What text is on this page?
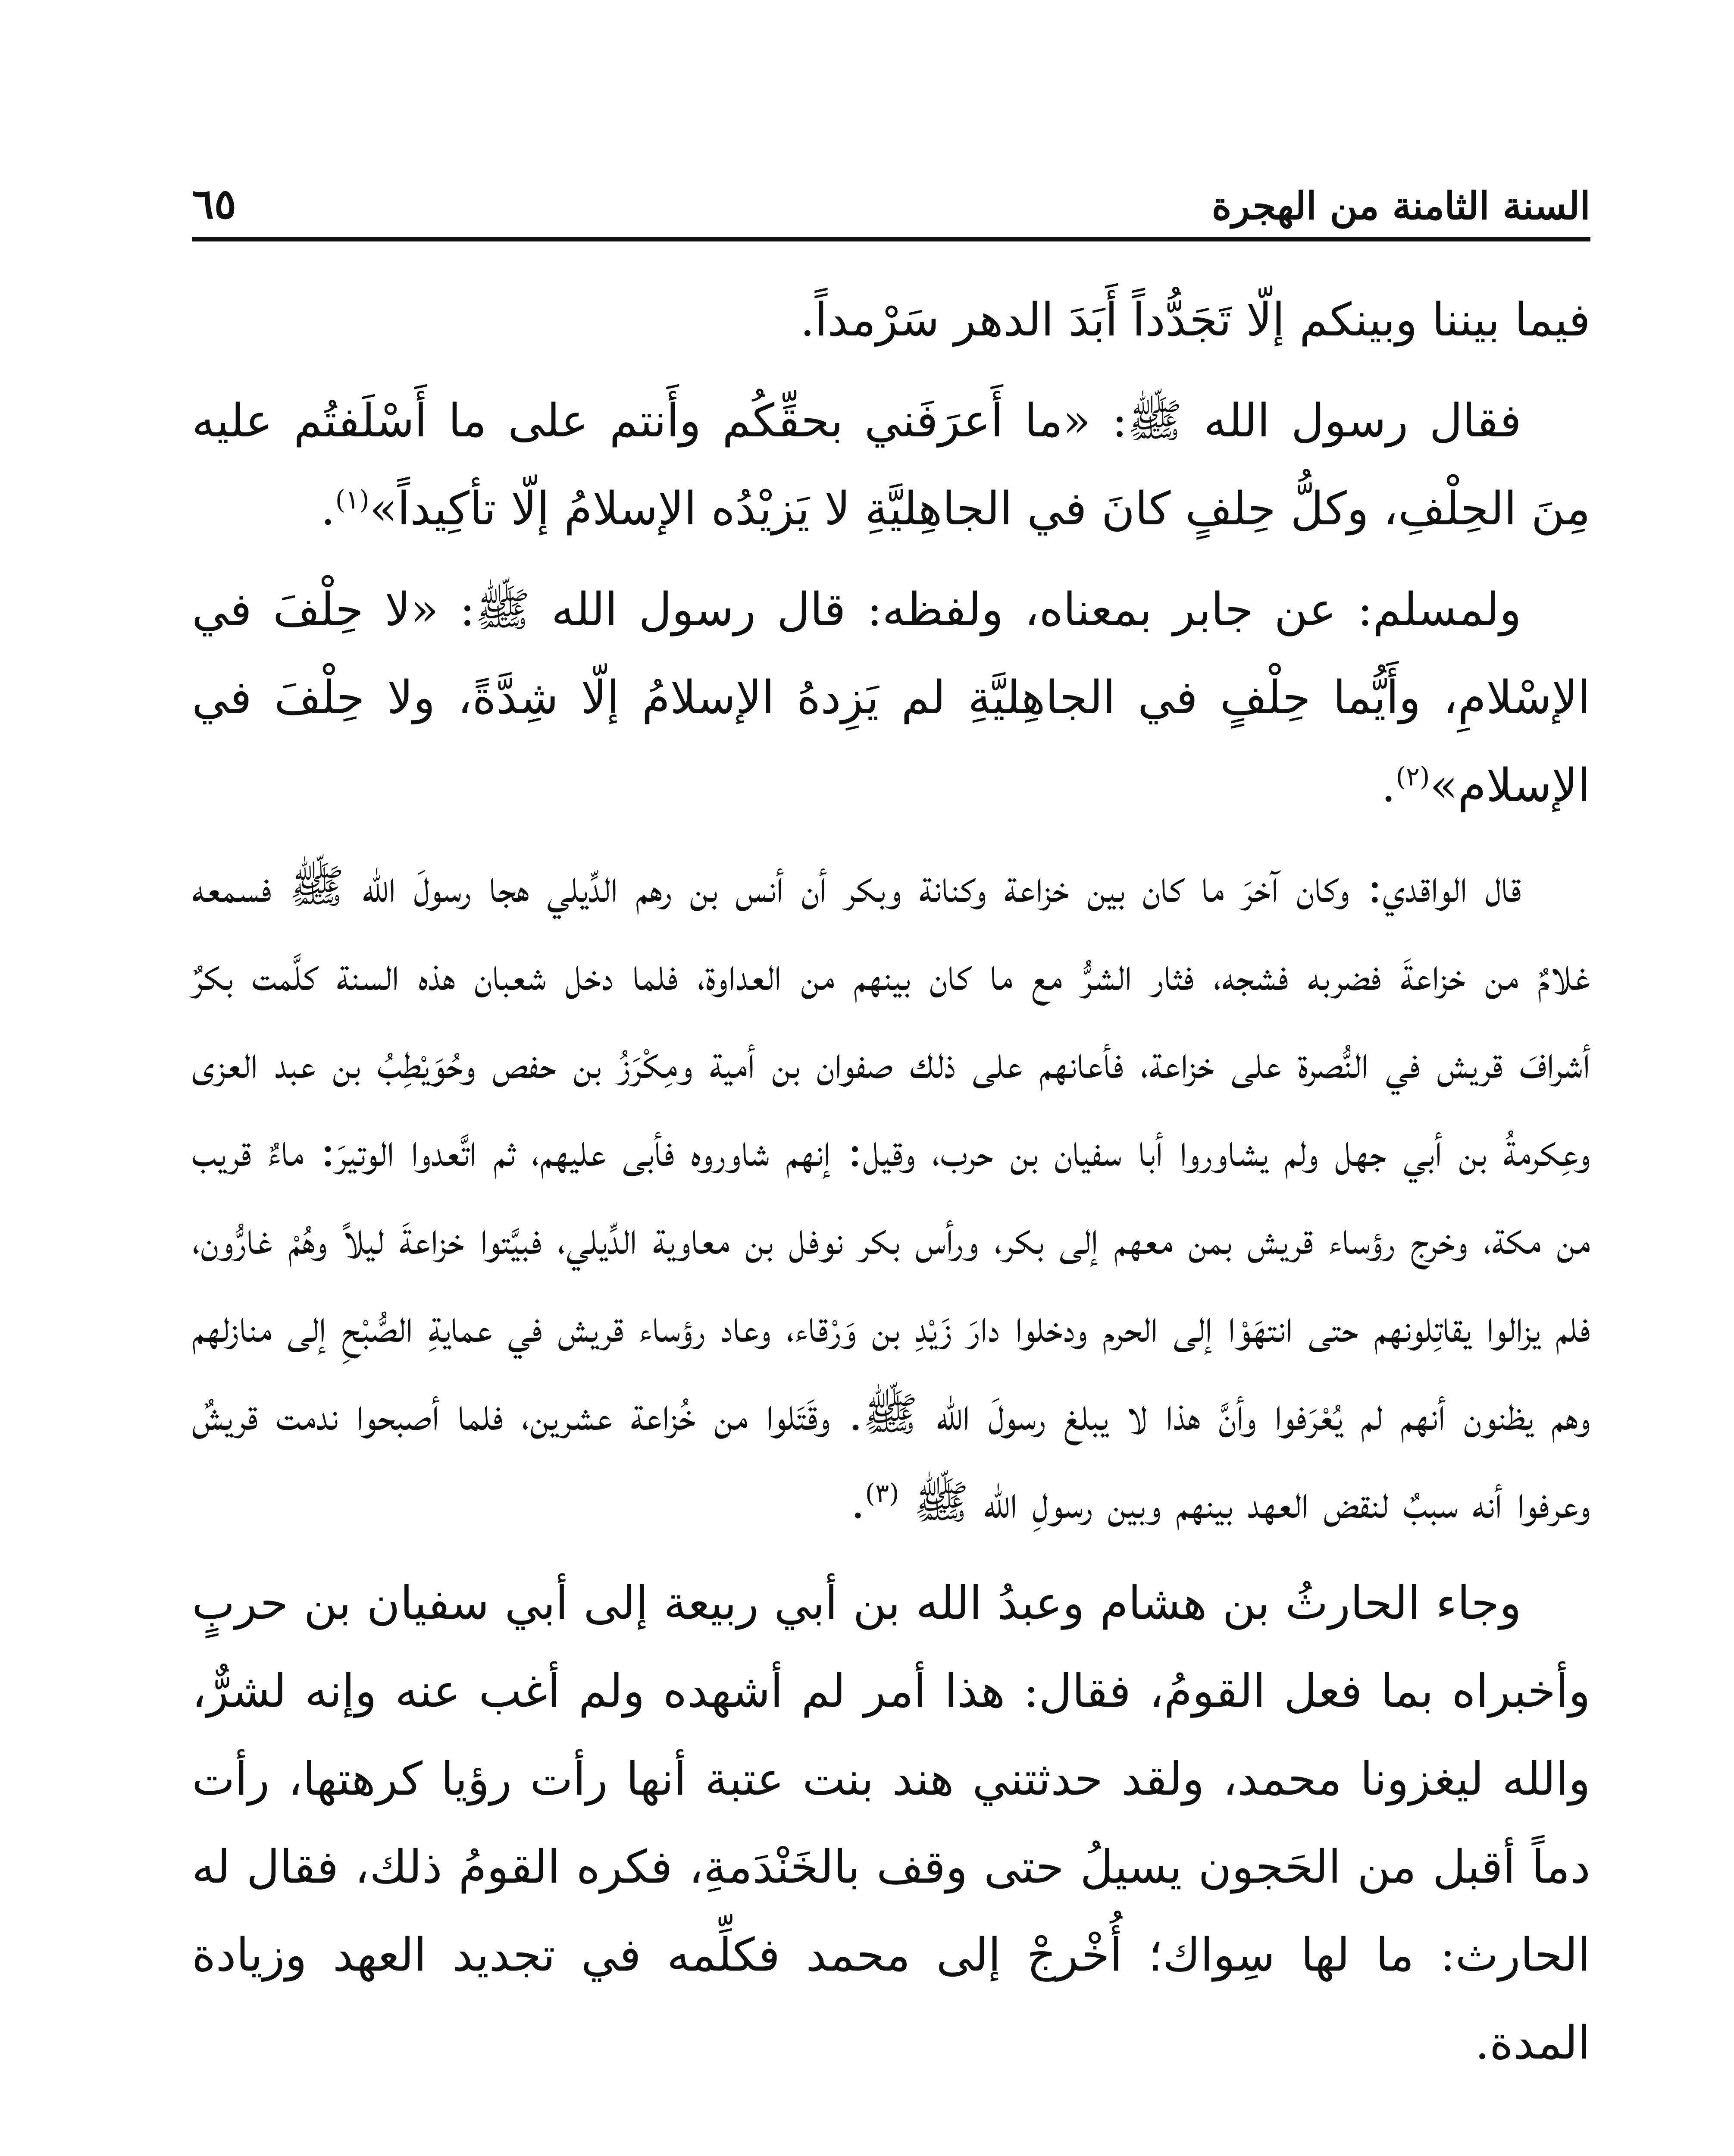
السنة الثامنة من الهجرة
٦٥

فيما بيننا وبينكم إلّا تَجَدُّداً أَبَدَ الدهر سَرْمداً.

فقال رسول الله ﷺ: «ما أَعرَفَني بحقِّكُم وأَنتم على ما أَسْلَفتُم عليه مِنَ الحِلْفِ، وكلُّ حِلفٍ كانَ في الجاهِليَّةِ لا يَزيْدُه الإسلامُ إلّا تأكِيداً»$^{(١)}$.

ولمسلم: عن جابر بمعناه، ولفظه: قال رسول الله ﷺ: «لا حِلْفَ في الإسْلامِ، وأَيُّما حِلْفٍ في الجاهِليَّةِ لم يَزِدهُ الإسلامُ إلّا شِدَّةً، ولا حِلْفَ في الإسلام»$^{(٢)}$.

قال الواقدي: وكان آخرَ ما كان بين خزاعة وكنانة وبكر أن أنس بن رهم الدِّيلي هجا رسولَ الله ﷺ فسمعه غلامٌ من خزاعةَ فضربه فشجه، فثار الشرُّ مع ما كان بينهم من العداوة، فلما دخل شعبان هذه السنة كلَّمت بكرٌ أشرافَ قريش في النُّصرة على خزاعة، فأعانهم على ذلك صفوان بن أمية ومِكْرَزُ بن حفص وحُوَيْطِبُ بن عبد العزى وعِكرمةُ بن أبي جهل ولم يشاوروا أبا سفيان بن حرب، وقيل: إنهم شاوروه فأبى عليهم، ثم اتَّعدوا الوتيرَ: ماءٌ قريب من مكة، وخرج رؤساء قريش بمن معهم إلى بكر، ورأس بكر نوفل بن معاوية الدِّيلي، فبيَّتوا خزاعةَ ليلاً وهُمْ غارُّون، فلم يزالوا يقاتِلونهم حتى انتهَوْا إلى الحرم ودخلوا دارَ زَيْدِ بن وَرْقاء، وعاد رؤساء قريش في عمايةِ الصُّبْحِ إلى منازلهم وهم يظنون أنهم لم يُعْرَفوا وأنَّ هذا لا يبلغ رسولَ الله ﷺ. وقَتَلوا من خُزاعة عشرين، فلما أصبحوا ندمت قريشٌ وعرفوا أنه سببٌ لنقض العهد بينهم وبين رسولِ الله ﷺ $^{(٣)}$.

وجاء الحارثُ بن هشام وعبدُ الله بن أبي ربيعة إلى أبي سفيان بن حربٍ وأخبراه بما فعل القومُ، فقال: هذا أمر لم أشهده ولم أغب عنه وإنه لشرٌّ، والله ليغزونا محمد، ولقد حدثتني هند بنت عتبة أنها رأت رؤيا كرهتها، رأت دماً أقبل من الحَجون يسيلُ حتى وقف بالخَنْدَمةِ، فكره القومُ ذلك، فقال له الحارث: ما لها سِواك؛ أُخْرجْ إلى محمد فكلِّمه في تجديد العهد وزيادة المدة.
